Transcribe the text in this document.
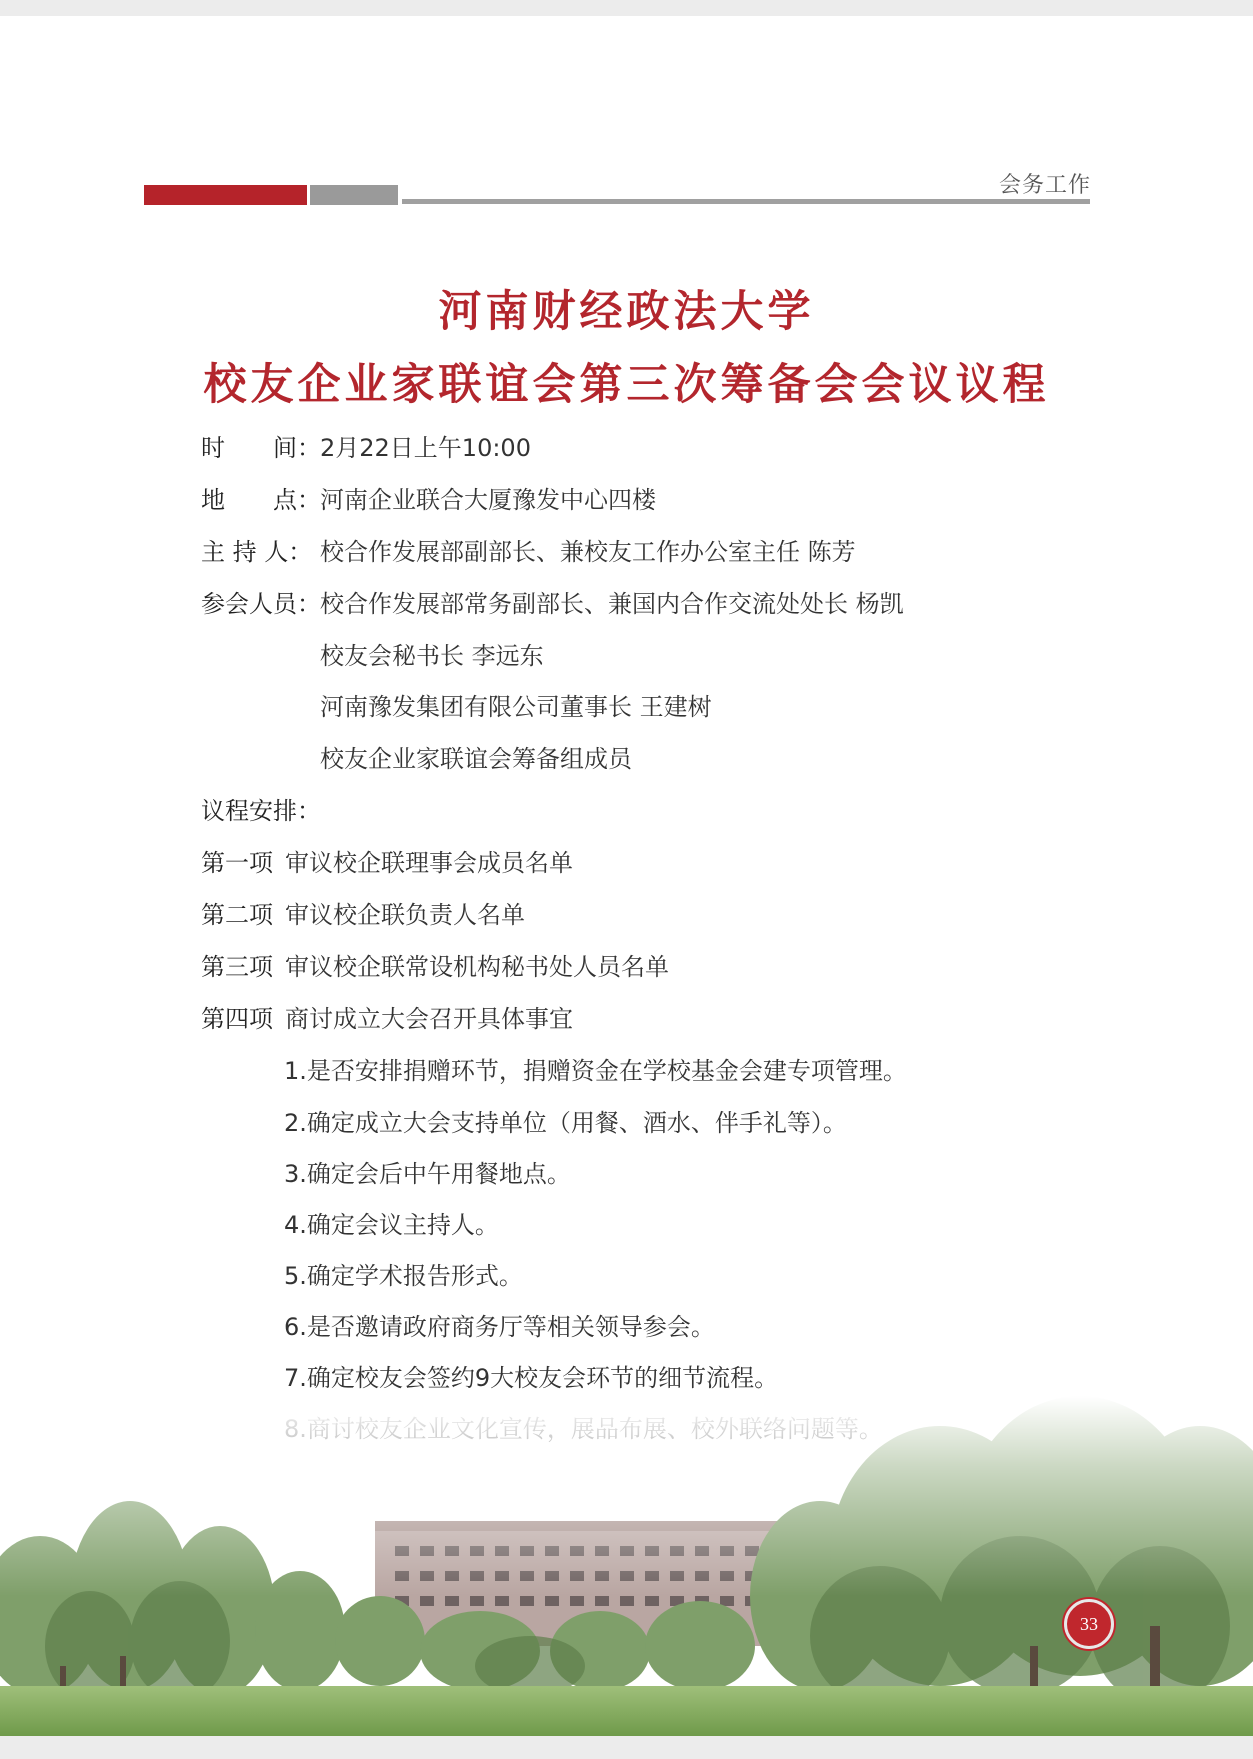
会务工作
河南财经政法大学
校友企业家联谊会第三次筹备会会议议程
时　　间： 2月22日上午10:00
地　　点： 河南企业联合大厦豫发中心四楼
主 持 人： 校合作发展部副部长、兼校友工作办公室主任 陈芳
参会人员： 校合作发展部常务副部长、兼国内合作交流处处长 杨凯
校友会秘书长 李远东
河南豫发集团有限公司董事长 王建树
校友企业家联谊会筹备组成员
议程安排：
第一项 审议校企联理事会成员名单
第二项 审议校企联负责人名单
第三项 审议校企联常设机构秘书处人员名单
第四项 商讨成立大会召开具体事宜
1.是否安排捐赠环节，捐赠资金在学校基金会建专项管理。
2.确定成立大会支持单位（用餐、酒水、伴手礼等）。
3.确定会后中午用餐地点。
4.确定会议主持人。
5.确定学术报告形式。
6.是否邀请政府商务厅等相关领导参会。
7.确定校友会签约9大校友会环节的细节流程。
33
